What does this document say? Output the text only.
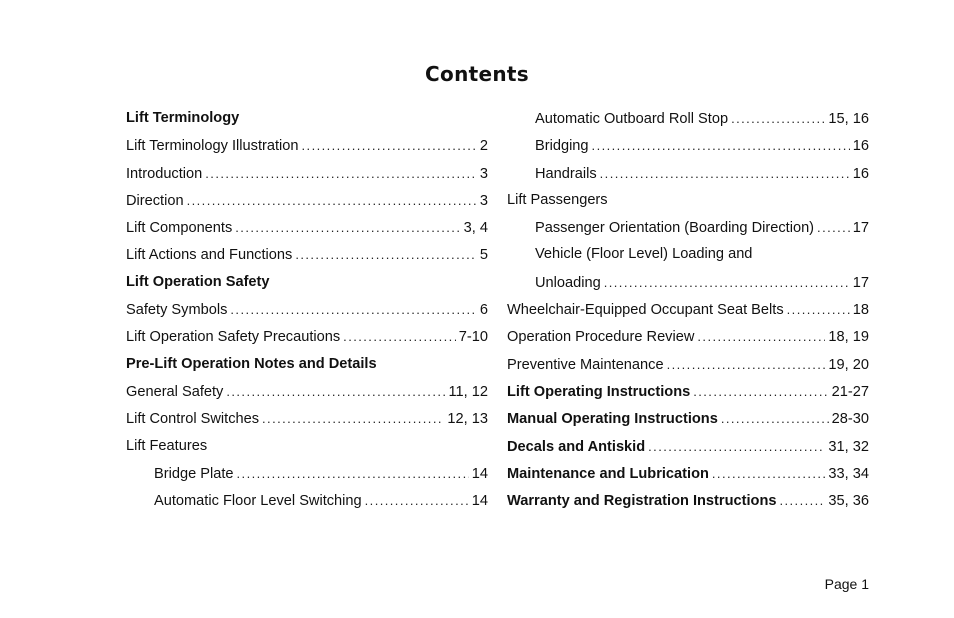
Contents
Lift Terminology
Lift Terminology Illustration . . .	2
Introduction . . .	3
Direction . . .	3
Lift Components . . .	3, 4
Lift Actions and Functions . . .	5
Lift Operation Safety
Safety Symbols . . .	6
Lift Operation Safety Precautions . . .	7-10
Pre-Lift Operation Notes and Details
General Safety . . .	11, 12
Lift Control Switches . . .	12, 13
Lift Features
Bridge Plate . . .	14
Automatic Floor Level Switching . . .	14
Automatic Outboard Roll Stop . . .	15, 16
Bridging . . .	16
Handrails . . .	16
Lift Passengers
Passenger Orientation (Boarding Direction) . . .	17
Vehicle (Floor Level) Loading and
Unloading . . .	17
Wheelchair-Equipped Occupant Seat Belts . . .	18
Operation Procedure Review . . .	18, 19
Preventive Maintenance . . .	19, 20
Lift Operating Instructions . . .	21-27
Manual Operating Instructions . . .	28-30
Decals and Antiskid . . .	31, 32
Maintenance and Lubrication . . .	33, 34
Warranty and Registration Instructions . . .	35, 36
Page 1
